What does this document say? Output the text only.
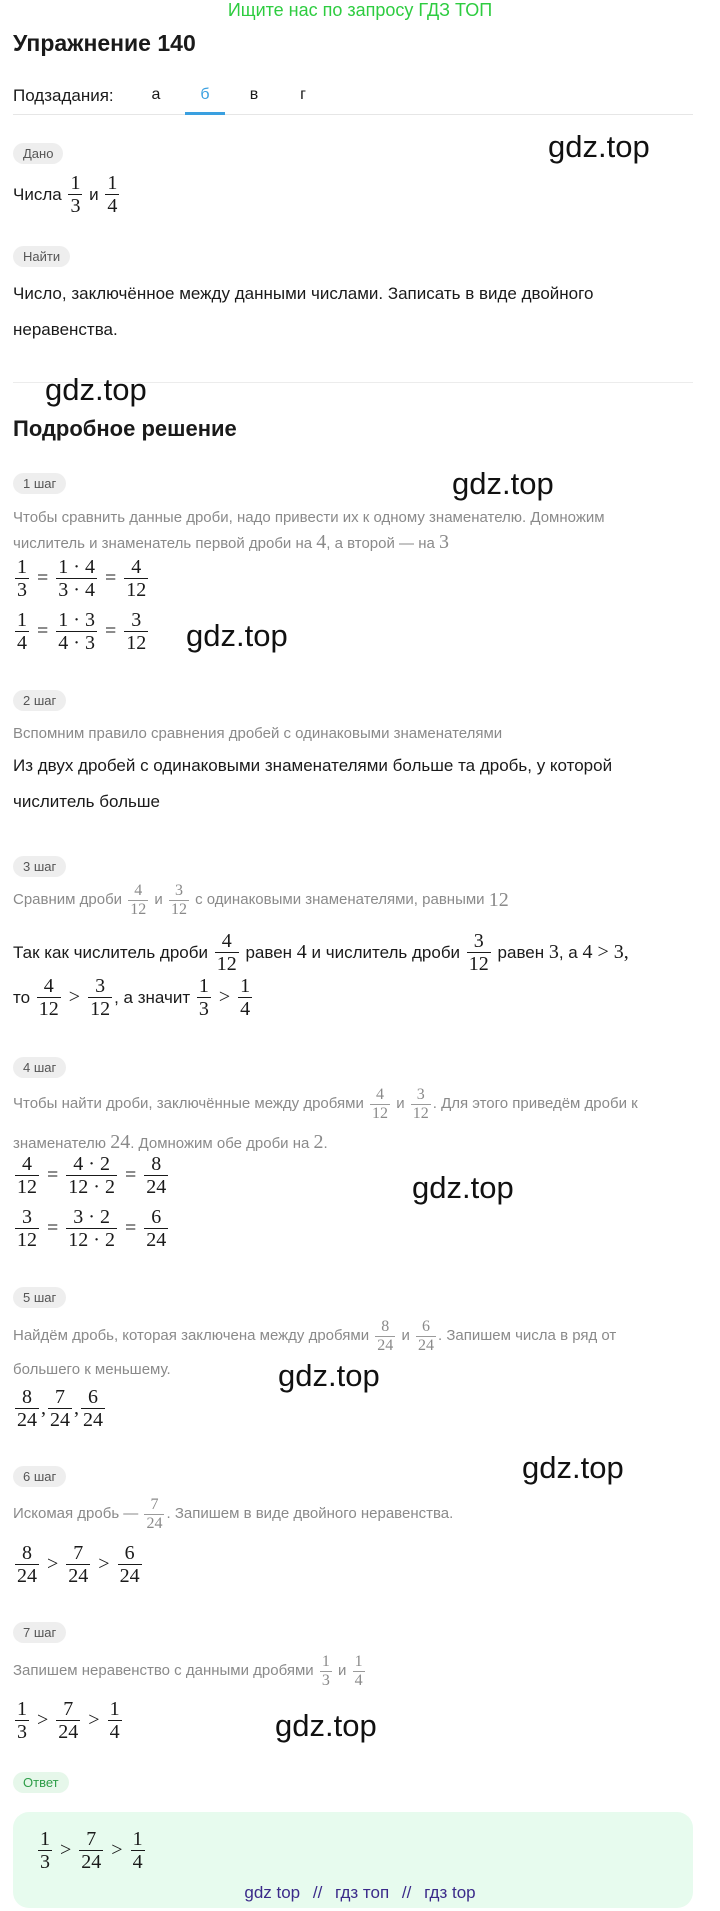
Ищите нас по запросу ГДЗ ТОП
Упражнение 140
Подзадания:	а	б	в	г
Дано	gdz.top
Числа
$\frac{1}{3}$
и
$\frac{1}{4}$
Найти
Число, заключённое между данными числами. Записать в виде двойного
неравенства.
gdz.top
Подробное решение
1 шаг	gdz.top
Чтобы сравнить данные дроби, надо привести их к одному знаменателю. Домножим
числитель и знаменатель первой дроби на 4, а второй — на 3
$\frac{1}{3} = \frac{1 \cdot 4}{3 \cdot 4} = \frac{4}{12}$
$\frac{1}{4} = \frac{1 \cdot 3}{4 \cdot 3} = \frac{3}{12} gdz.top$
2 шаг
Вспомним правило сравнения дробей с одинаковыми знаменателями
Из двух дробей с одинаковыми знаменателями больше та дробь, у которой
числитель больше
3 шаг
Сравним дроби
$\frac{4}{12}$
и
$\frac{3}{12}$
с одинаковыми знаменателями, равными
12
Так как числитель дроби
$\frac{4}{12}$
равен
4
и числитель дроби
$\frac{3}{12}$
равен
3 , а
4 > 3,
то
$\frac{4}{12} > \frac{3}{12}$ , а значит
$\frac{1}{3} > \frac{1}{4}$
4 шаг
Чтобы найти дроби, заключённые между дробями
$\frac{4}{12}$
и
$\frac{3}{12}$ . Для этого приведём дроби к
знаменателю 24. Домножим обе дроби на 2.
$\frac{4}{12} = \frac{4 \cdot 2}{12 \cdot 2} = \frac{8}{24}$
$\frac{3}{12} = \frac{3 \cdot 2}{12 \cdot 2} = \frac{6}{24}$
gdz.top
5 шаг
Найдём дробь, которая заключена между дробями
$\frac{8}{24}$
и
$\frac{6}{24}$ . Запишем числа в ряд от
большего к меньшему.	gdz.top
$\frac{8}{24}$ , $\frac{7}{24}$ , $\frac{6}{24}$
gdz.top
6 шаг
Искомая дробь —
$\frac{7}{24}$ . Запишем в виде двойного неравенства.
$\frac{8}{24} > \frac{7}{24} > \frac{6}{24}$
7 шаг
Запишем неравенство с данными дробями
$\frac{1}{3}$
и
$\frac{1}{4}$
$\frac{1}{3} > \frac{7}{24} > \frac{1}{4}$	gdz.top
Ответ
$\frac{1}{3} > \frac{7}{24} > \frac{1}{4}$
gdz top // гдз топ // гдз top
